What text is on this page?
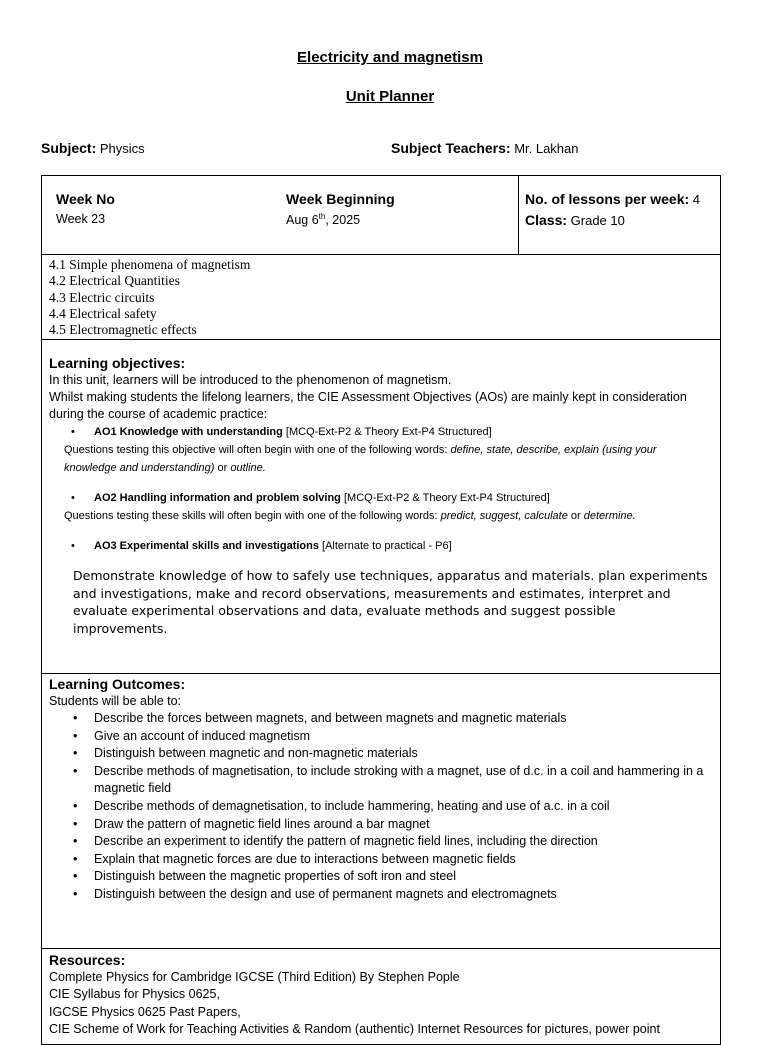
Electricity and magnetism
Unit Planner
Subject: Physics	Subject Teachers: Mr. Lakhan
Week No
Week 23
Week Beginning
Aug 6th, 2025

No. of lessons per week: 4
Class: Grade 10

4.1 Simple phenomena of magnetism
4.2 Electrical Quantities
4.3 Electric circuits
4.4 Electrical safety
4.5 Electromagnetic effects

Learning objectives:
In this unit, learners will be introduced to the phenomenon of magnetism.
Whilst making students the lifelong learners, the CIE Assessment Objectives (AOs) are mainly kept in consideration during the course of academic practice:
• AO1 Knowledge with understanding [MCQ-Ext-P2 & Theory Ext-P4 Structured]
Questions testing this objective will often begin with one of the following words: define, state, describe, explain (using your knowledge and understanding) or outline.
• AO2 Handling information and problem solving [MCQ-Ext-P2 & Theory Ext-P4 Structured]
Questions testing these skills will often begin with one of the following words: predict, suggest, calculate or determine.
• AO3 Experimental skills and investigations [Alternate to practical - P6]
Demonstrate knowledge of how to safely use techniques, apparatus and materials. plan experiments and investigations, make and record observations, measurements and estimates, interpret and evaluate experimental observations and data, evaluate methods and suggest possible improvements.

Learning Outcomes:
Students will be able to:
• Describe the forces between magnets, and between magnets and magnetic materials
• Give an account of induced magnetism
• Distinguish between magnetic and non-magnetic materials
• Describe methods of magnetisation, to include stroking with a magnet, use of d.c. in a coil and hammering in a magnetic field
• Describe methods of demagnetisation, to include hammering, heating and use of a.c. in a coil
• Draw the pattern of magnetic field lines around a bar magnet
• Describe an experiment to identify the pattern of magnetic field lines, including the direction
• Explain that magnetic forces are due to interactions between magnetic fields
• Distinguish between the magnetic properties of soft iron and steel
• Distinguish between the design and use of permanent magnets and electromagnets

Resources:
Complete Physics for Cambridge IGCSE (Third Edition) By Stephen Pople
CIE Syllabus for Physics 0625,
IGCSE Physics 0625 Past Papers,
CIE Scheme of Work for Teaching Activities & Random (authentic) Internet Resources for pictures, power point
